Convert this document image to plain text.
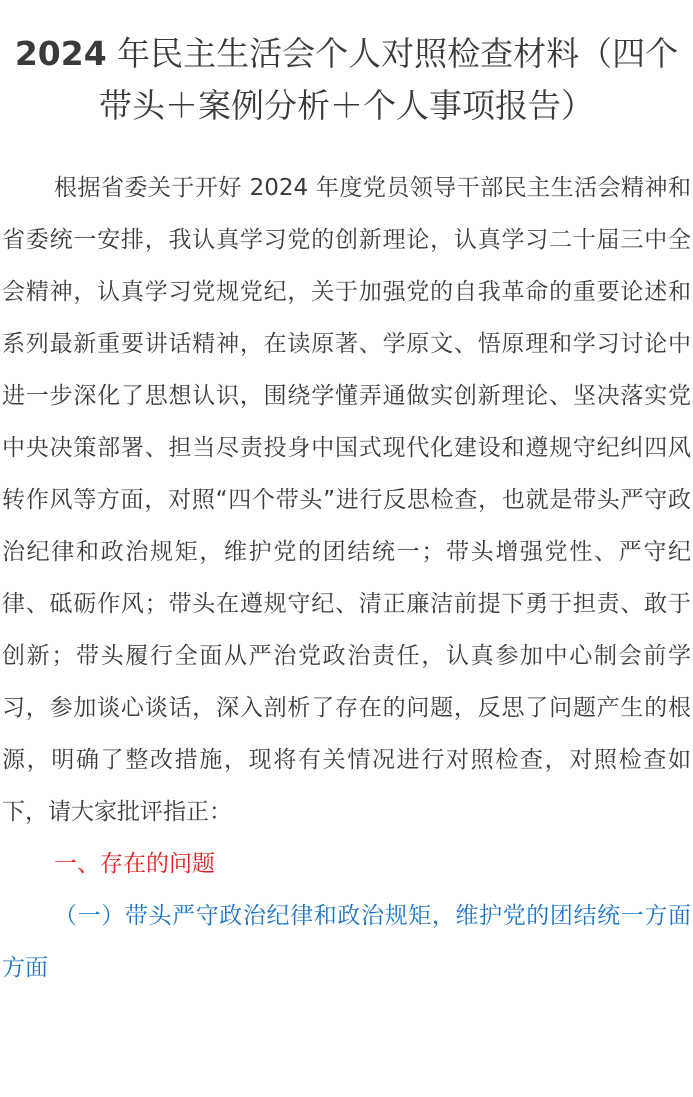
2024 年民主生活会个人对照检查材料（四个带头＋案例分析＋个人事项报告）

根据省委关于开好 2024 年度党员领导干部民主生活会精神和省委统一安排，我认真学习党的创新理论，认真学习二十届三中全会精神，认真学习党规党纪，关于加强党的自我革命的重要论述和系列最新重要讲话精神，在读原著、学原文、悟原理和学习讨论中进一步深化了思想认识，围绕学懂弄通做实创新理论、坚决落实党中央决策部署、担当尽责投身中国式现代化建设和遵规守纪纠四风转作风等方面，对照“四个带头”进行反思检查，也就是带头严守政治纪律和政治规矩，维护党的团结统一；带头增强党性、严守纪律、砥砺作风；带头在遵规守纪、清正廉洁前提下勇于担责、敢于创新；带头履行全面从严治党政治责任，认真参加中心制会前学习，参加谈心谈话，深入剖析了存在的问题，反思了问题产生的根源，明确了整改措施，现将有关情况进行对照检查，对照检查如下，请大家批评指正：

一、存在的问题

（一）带头严守政治纪律和政治规矩，维护党的团结统一方面方面
